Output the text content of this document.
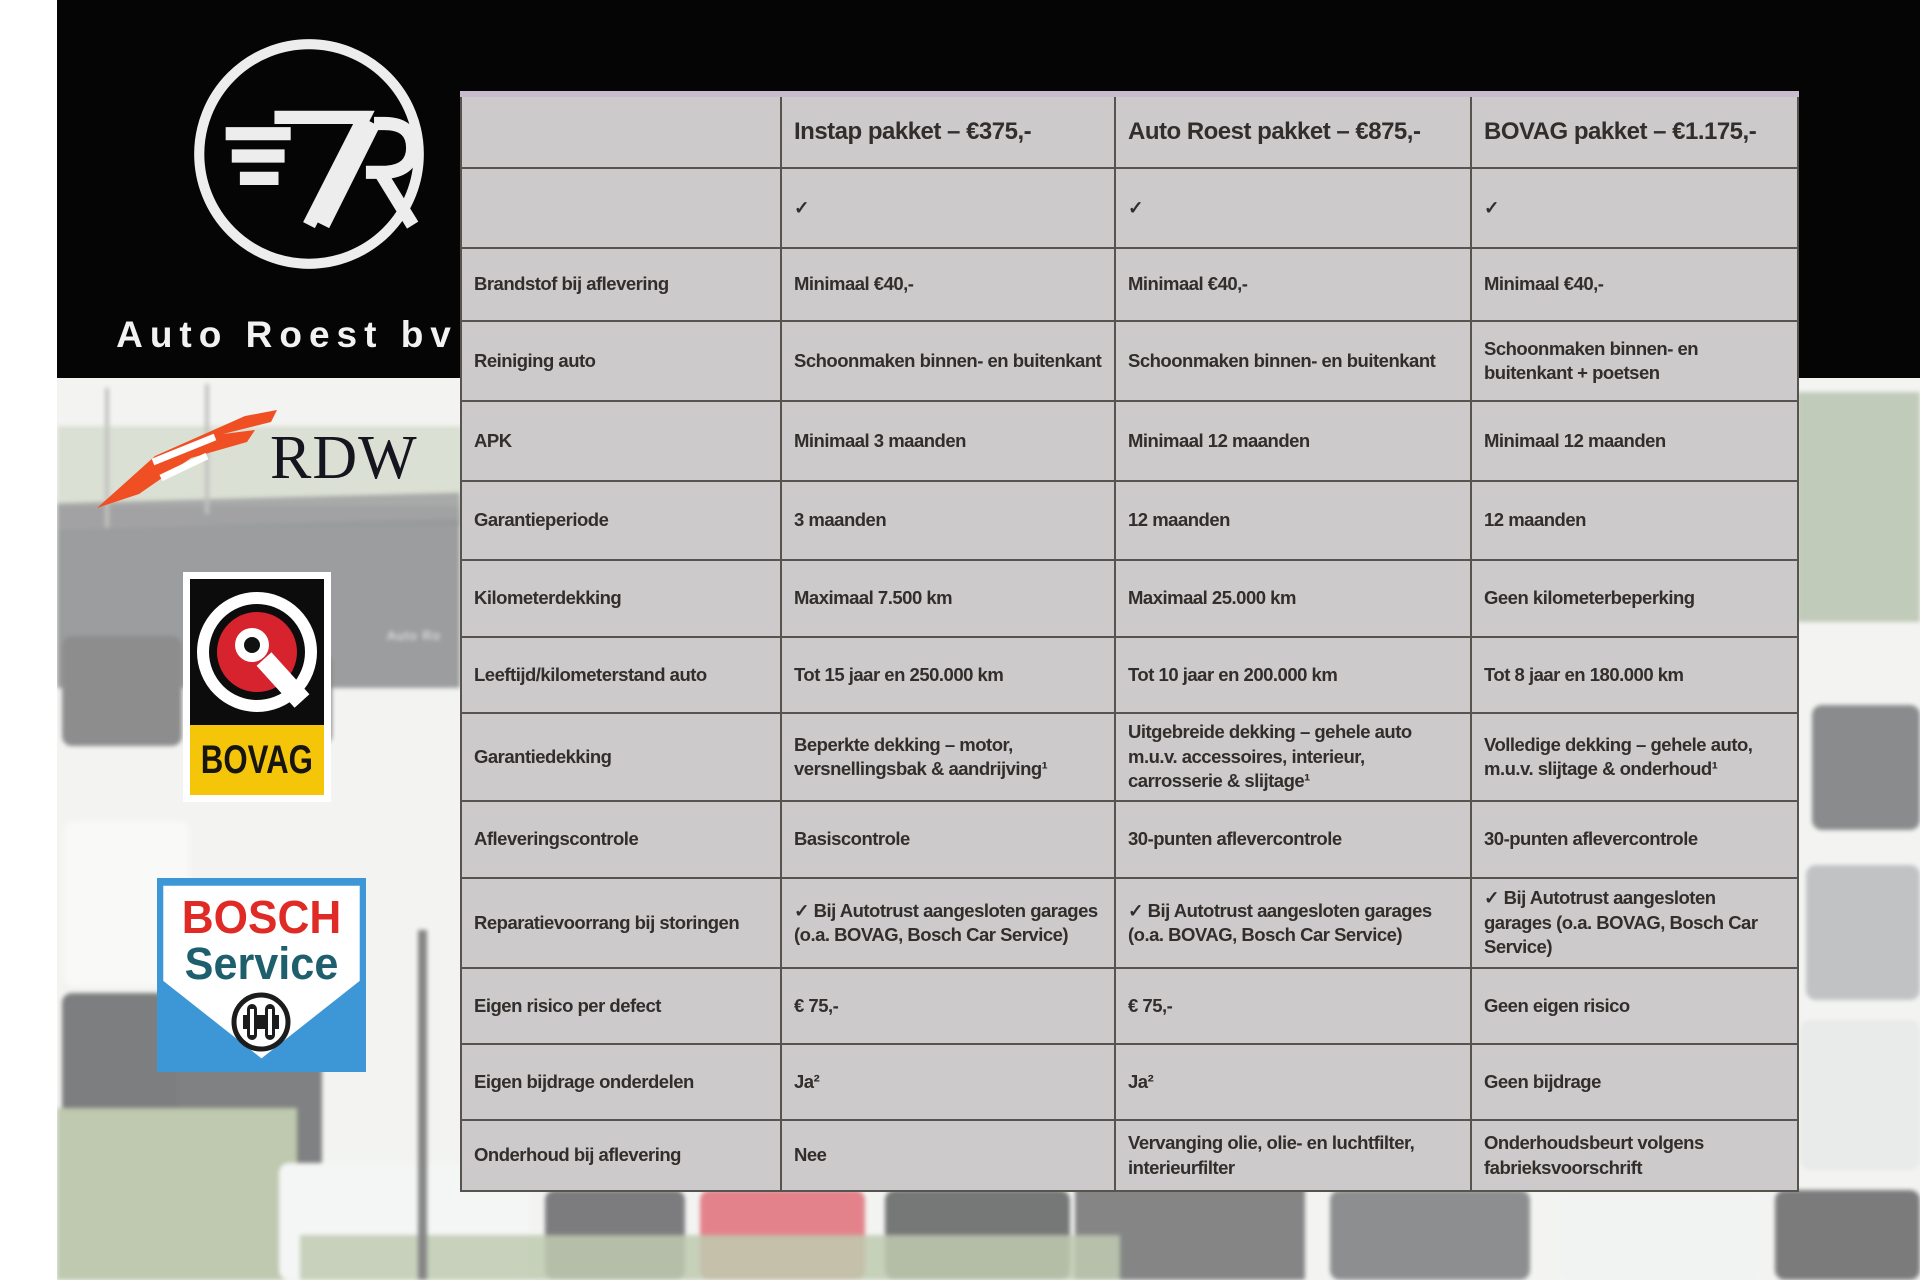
Auto Ro
Auto Roest bv
RDW
BOVAG
BOSCH
Service
	Instap pakket – €375,-	Auto Roest pakket – €875,-	BOVAG pakket – €1.175,-
	✓	✓	✓
Brandstof bij aflevering	Minimaal €40,-	Minimaal €40,-	Minimaal €40,-
Reiniging auto	Schoonmaken binnen- en buitenkant	Schoonmaken binnen- en buitenkant	Schoonmaken binnen- en buitenkant + poetsen
APK	Minimaal 3 maanden	Minimaal 12 maanden	Minimaal 12 maanden
Garantieperiode	3 maanden	12 maanden	12 maanden
Kilometerdekking	Maximaal 7.500 km	Maximaal 25.000 km	Geen kilometerbeperking
Leeftijd/kilometerstand auto	Tot 15 jaar en 250.000 km	Tot 10 jaar en 200.000 km	Tot 8 jaar en 180.000 km
Garantiedekking	Beperkte dekking – motor, versnellingsbak & aandrijving¹	Uitgebreide dekking – gehele auto m.u.v. accessoires, interieur, carrosserie & slijtage¹	Volledige dekking – gehele auto, m.u.v. slijtage & onderhoud¹
Afleveringscontrole	Basiscontrole	30-punten aflevercontrole	30-punten aflevercontrole
Reparatievoorrang bij storingen	✓ Bij Autotrust aangesloten garages (o.a. BOVAG, Bosch Car Service)	✓ Bij Autotrust aangesloten garages (o.a. BOVAG, Bosch Car Service)	✓ Bij Autotrust aangesloten garages (o.a. BOVAG, Bosch Car Service)
Eigen risico per defect	€ 75,-	€ 75,-	Geen eigen risico
Eigen bijdrage onderdelen	Ja²	Ja²	Geen bijdrage
Onderhoud bij aflevering	Nee	Vervanging olie, olie- en luchtfilter, interieurfilter	Onderhoudsbeurt volgens fabrieksvoorschrift
